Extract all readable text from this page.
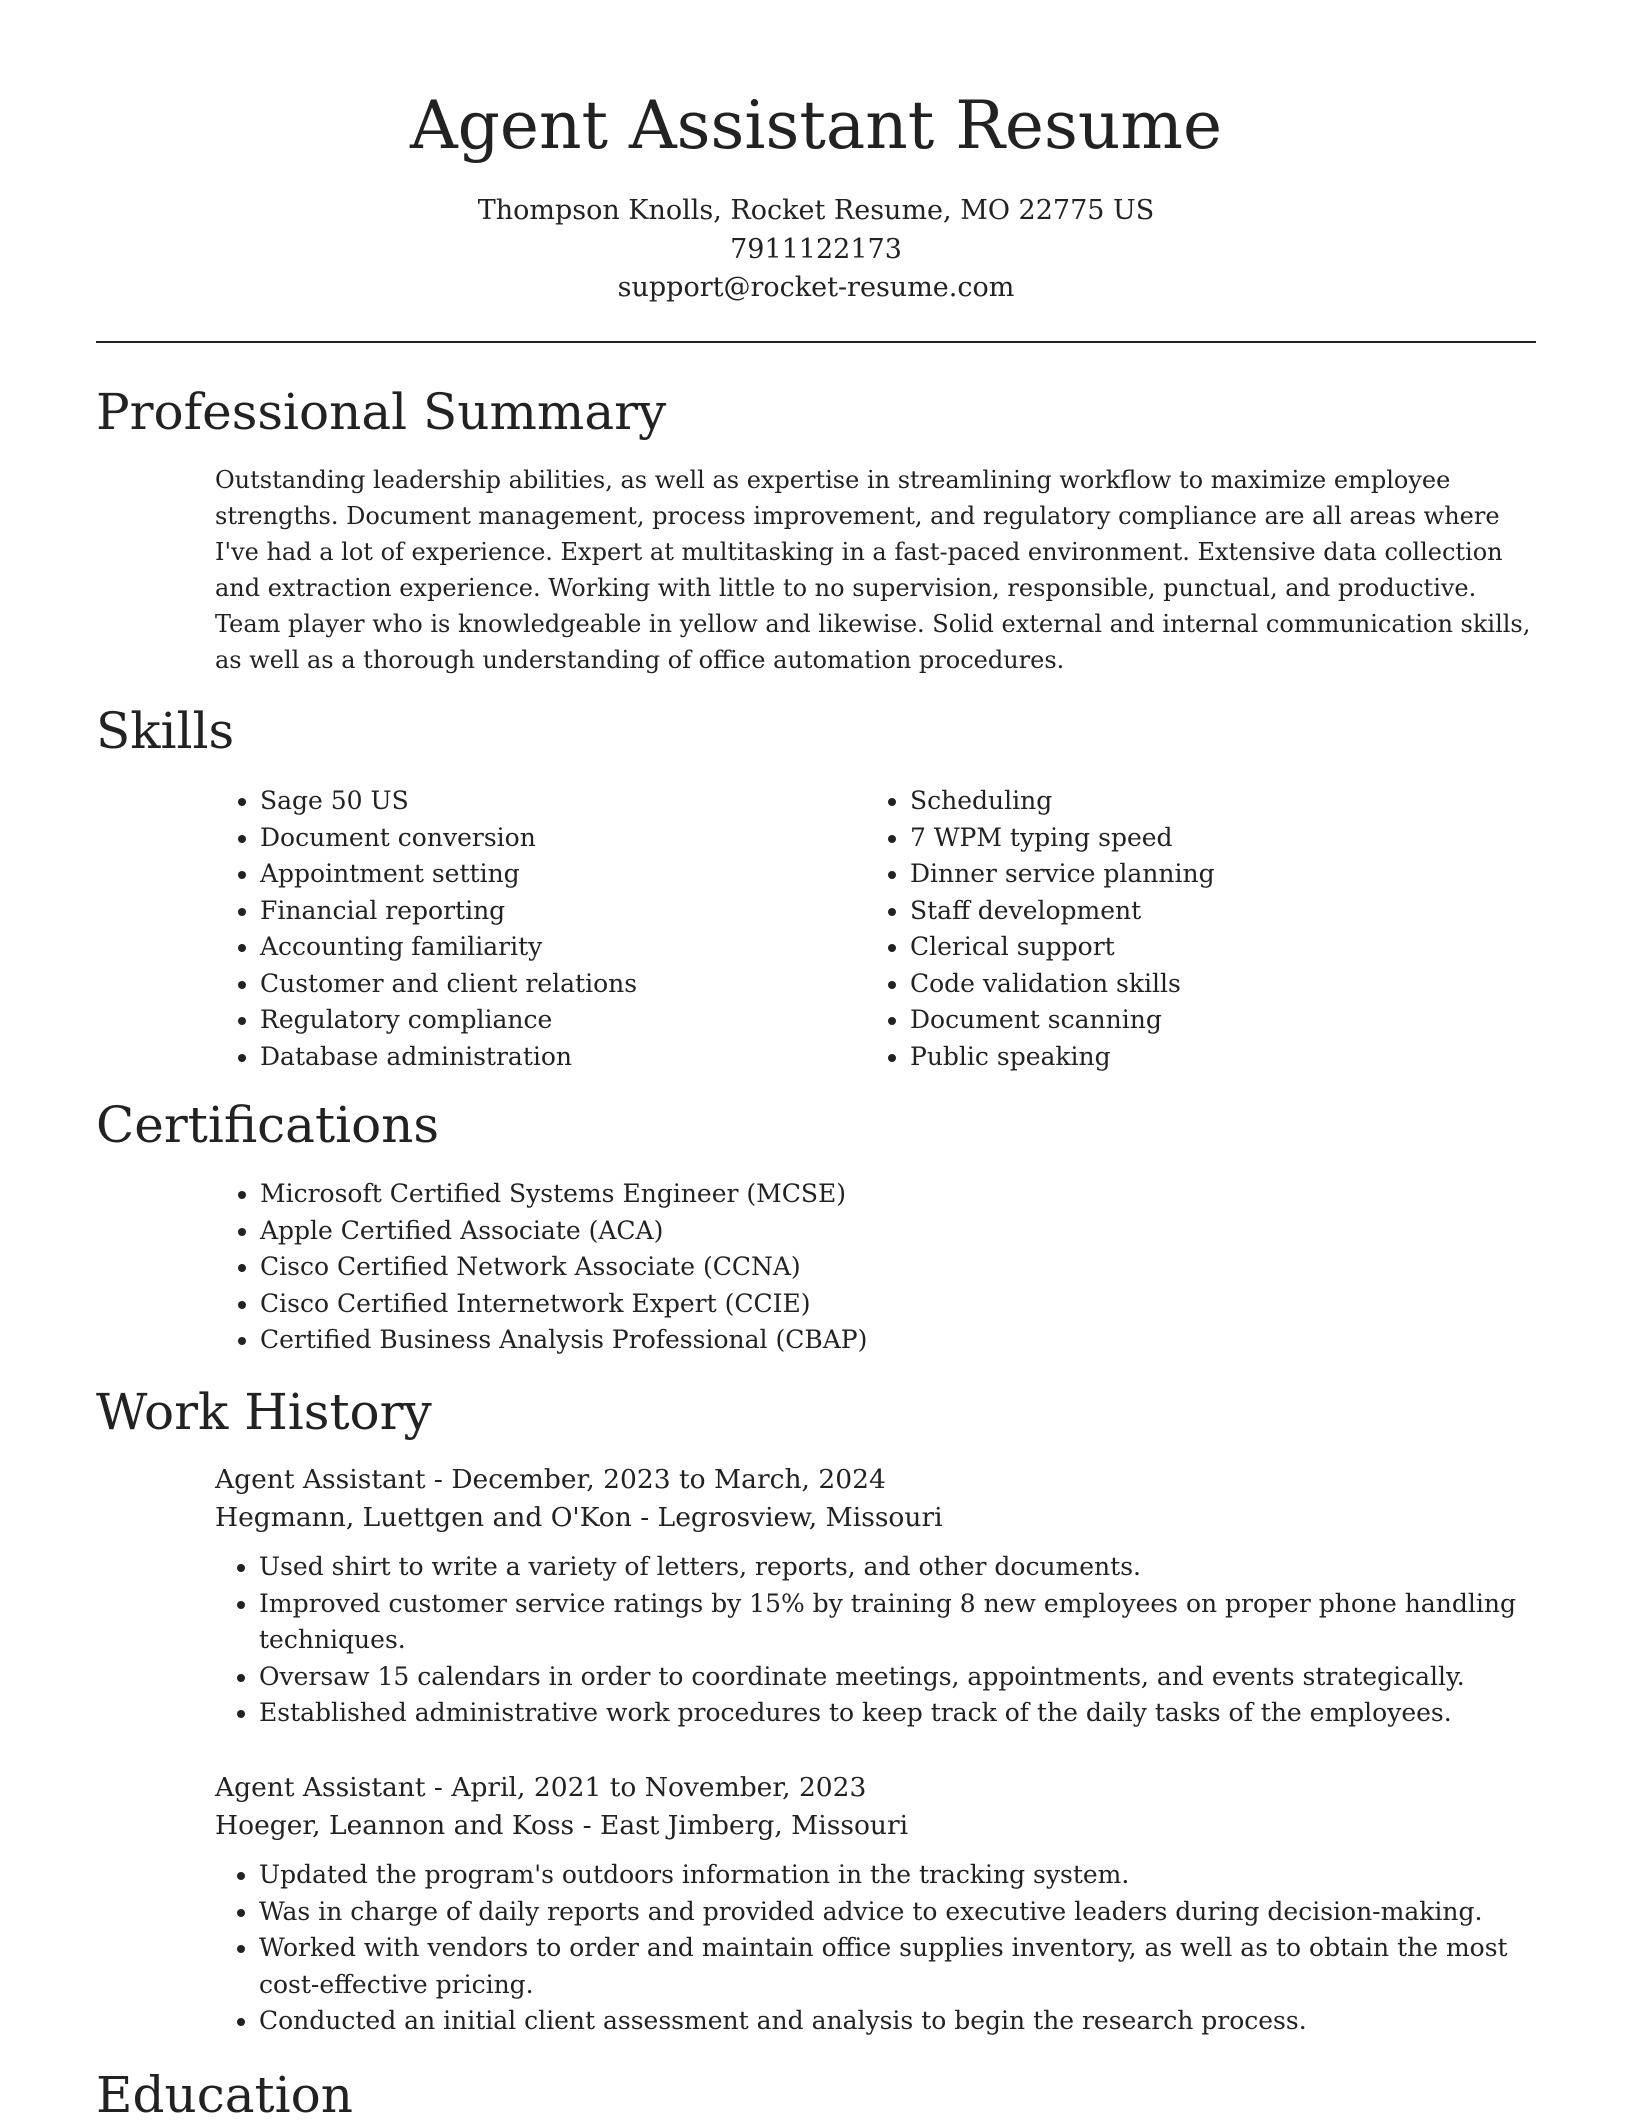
Agent Assistant Resume
Thompson Knolls, Rocket Resume, MO 22775 US
7911122173
support@rocket-resume.com
Professional Summary

Outstanding leadership abilities, as well as expertise in streamlining workflow to maximize employee strengths. Document management, process improvement, and regulatory compliance are all areas where I've had a lot of experience. Expert at multitasking in a fast-paced environment. Extensive data collection and extraction experience. Working with little to no supervision, responsible, punctual, and productive. Team player who is knowledgeable in yellow and likewise. Solid external and internal communication skills, as well as a thorough understanding of office automation procedures.

Skills
• Sage 50 US
• Document conversion
• Appointment setting
• Financial reporting
• Accounting familiarity
• Customer and client relations
• Regulatory compliance
• Database administration
• Scheduling
• 7 WPM typing speed
• Dinner service planning
• Staff development
• Clerical support
• Code validation skills
• Document scanning
• Public speaking
Certifications
• Microsoft Certified Systems Engineer (MCSE)
• Apple Certified Associate (ACA)
• Cisco Certified Network Associate (CCNA)
• Cisco Certified Internetwork Expert (CCIE)
• Certified Business Analysis Professional (CBAP)
Work History

Agent Assistant - December, 2023 to March, 2024

Hegmann, Luettgen and O'Kon - Legrosview, Missouri

• Used shirt to write a variety of letters, reports, and other documents.
• Improved customer service ratings by 15% by training 8 new employees on proper phone handling techniques.
• Oversaw 15 calendars in order to coordinate meetings, appointments, and events strategically.
• Established administrative work procedures to keep track of the daily tasks of the employees.

Agent Assistant - April, 2021 to November, 2023

Hoeger, Leannon and Koss - East Jimberg, Missouri

• Updated the program's outdoors information in the tracking system.
• Was in charge of daily reports and provided advice to executive leaders during decision-making.
• Worked with vendors to order and maintain office supplies inventory, as well as to obtain the most cost-effective pricing.
• Conducted an initial client assessment and analysis to begin the research process.
Education
